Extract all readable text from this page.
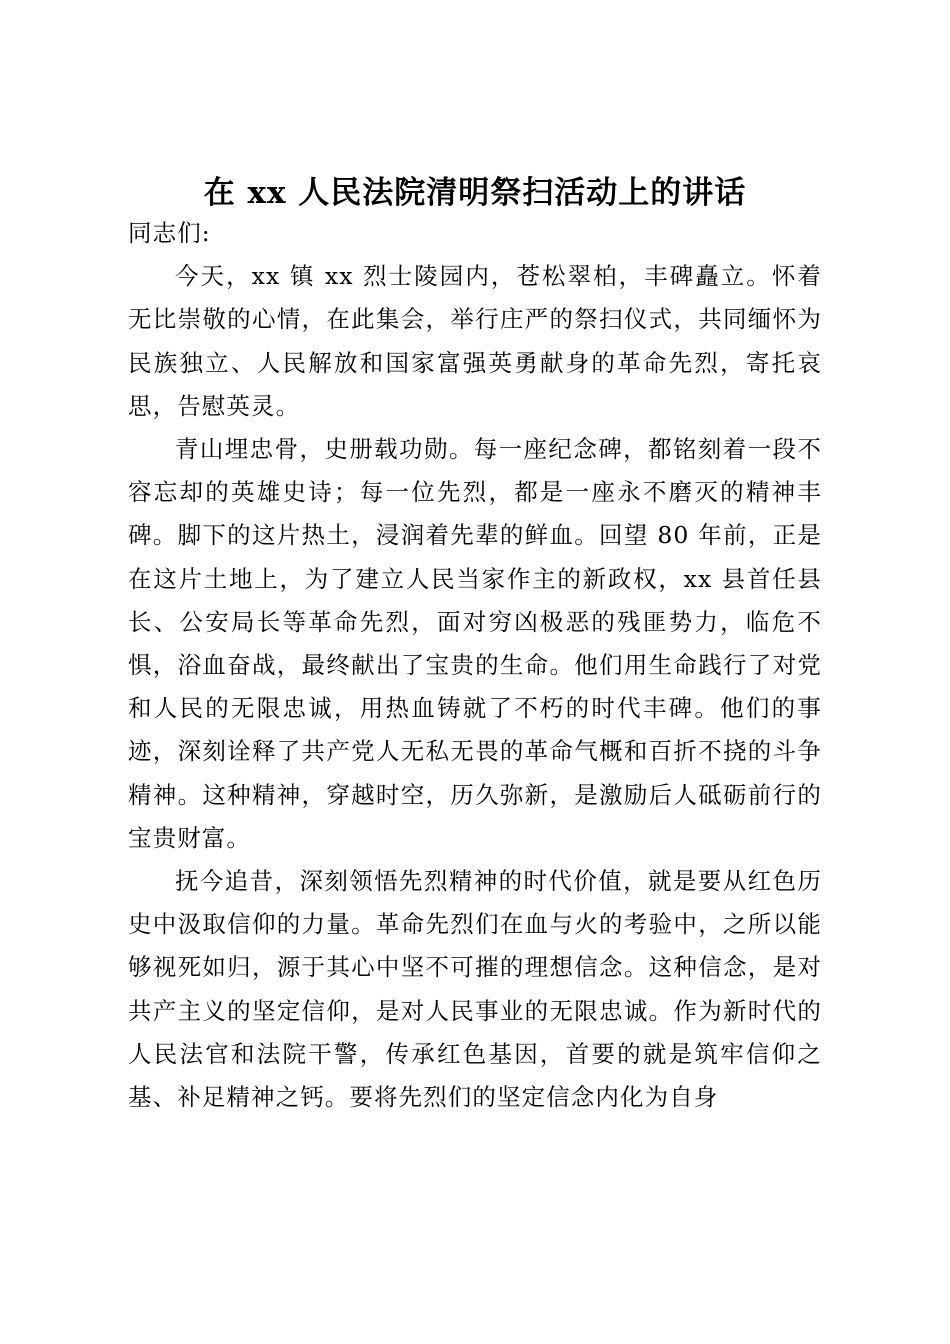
在 xx 人民法院清明祭扫活动上的讲话

同志们:

今天，xx 镇 xx 烈士陵园内，苍松翠柏，丰碑矗立。怀着无比崇敬的心情，在此集会，举行庄严的祭扫仪式，共同缅怀为民族独立、人民解放和国家富强英勇献身的革命先烈，寄托哀思，告慰英灵。

青山埋忠骨，史册载功勋。每一座纪念碑，都铭刻着一段不容忘却的英雄史诗；每一位先烈，都是一座永不磨灭的精神丰碑。脚下的这片热土，浸润着先辈的鲜血。回望 80 年前，正是在这片土地上，为了建立人民当家作主的新政权，xx 县首任县长、公安局长等革命先烈，面对穷凶极恶的残匪势力，临危不惧，浴血奋战，最终献出了宝贵的生命。他们用生命践行了对党和人民的无限忠诚，用热血铸就了不朽的时代丰碑。他们的事迹，深刻诠释了共产党人无私无畏的革命气概和百折不挠的斗争精神。这种精神，穿越时空，历久弥新，是激励后人砥砺前行的宝贵财富。

抚今追昔，深刻领悟先烈精神的时代价值，就是要从红色历史中汲取信仰的力量。革命先烈们在血与火的考验中，之所以能够视死如归，源于其心中坚不可摧的理想信念。这种信念，是对共产主义的坚定信仰，是对人民事业的无限忠诚。作为新时代的人民法官和法院干警，传承红色基因，首要的就是筑牢信仰之基、补足精神之钙。要将先烈们的坚定信念内化为自身
